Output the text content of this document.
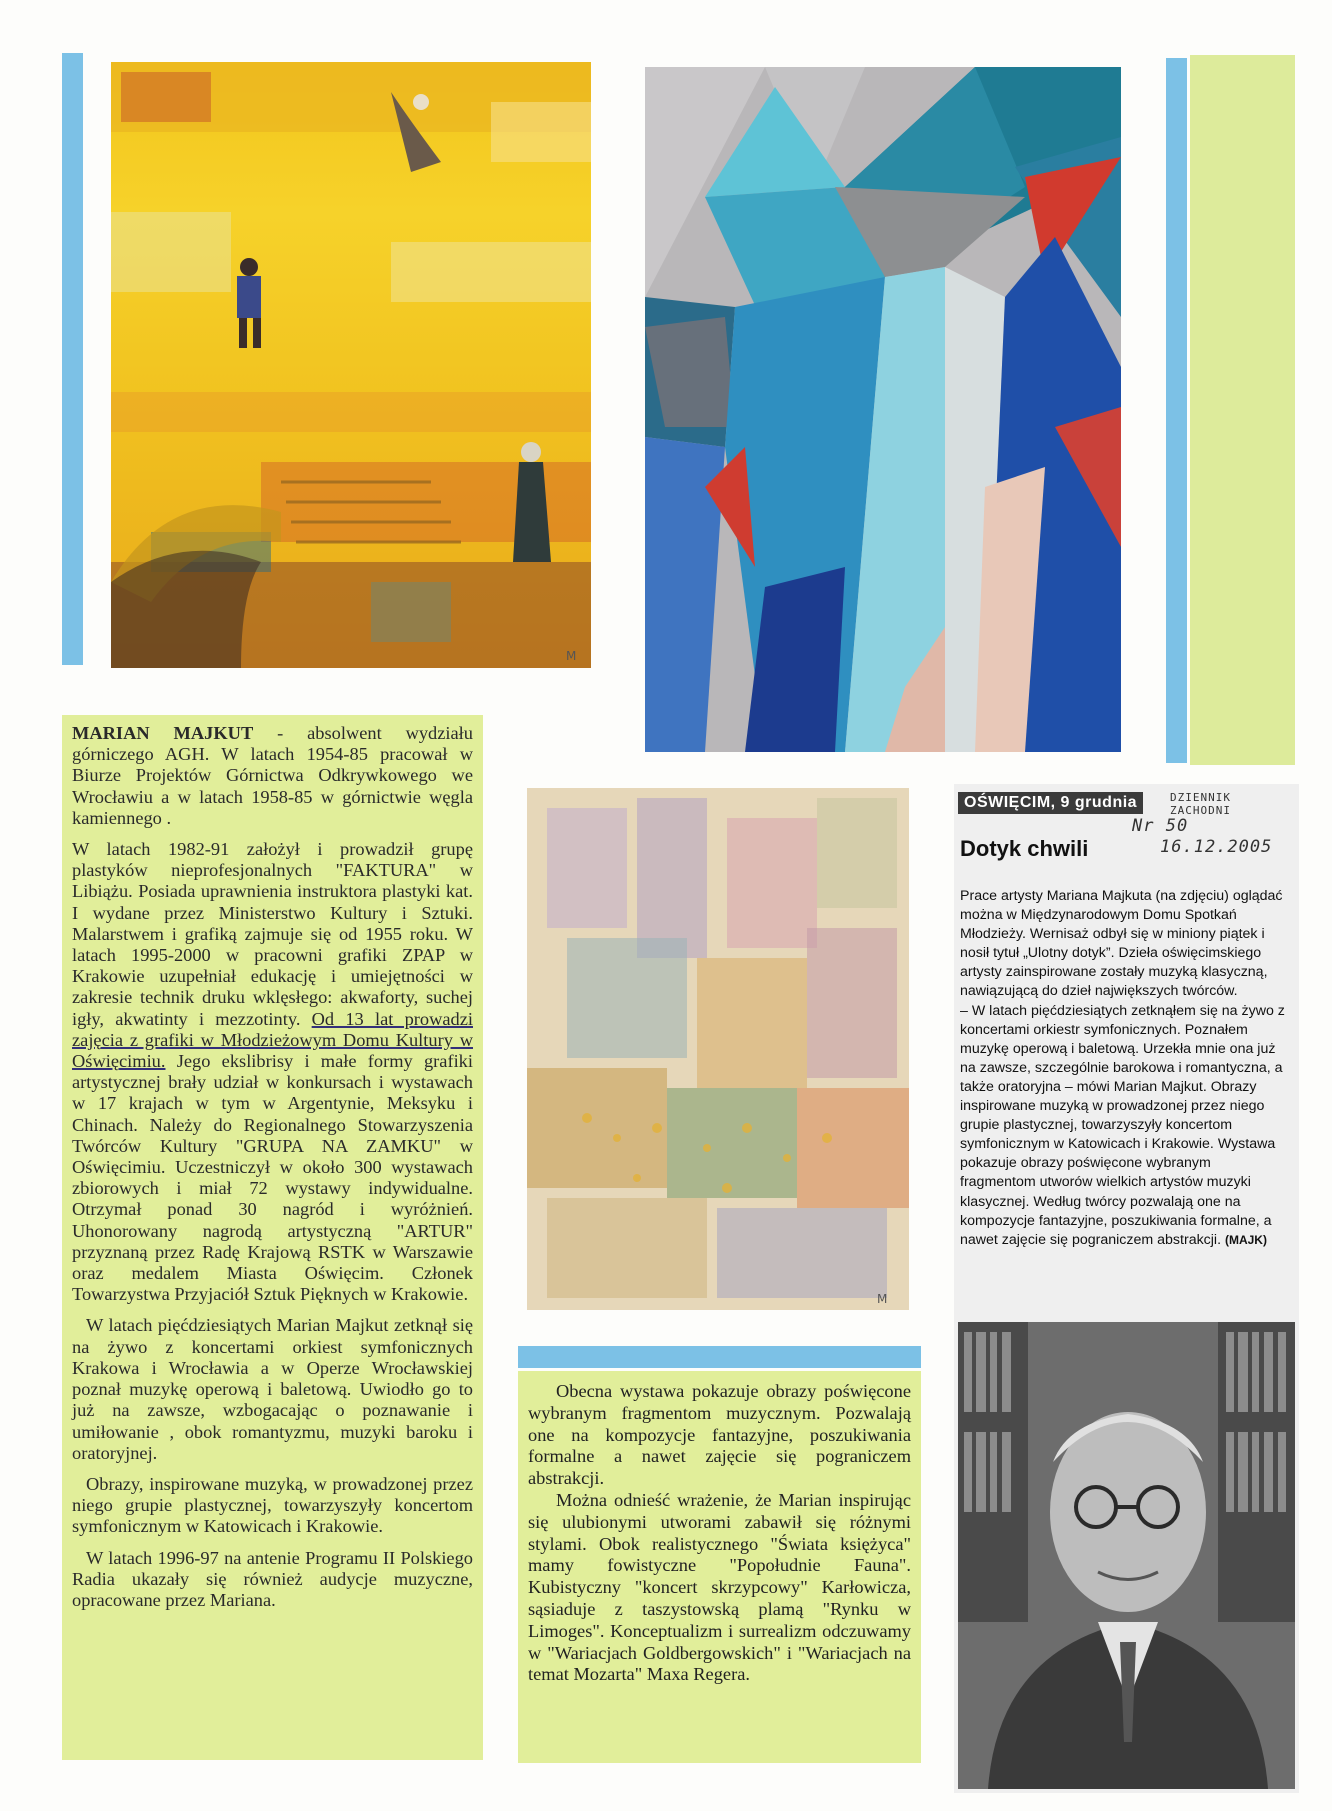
M
M

MARIAN MAJKUT - absolwent wydziału górniczego AGH. W latach 1954-85 pracował w Biurze Projektów Górnictwa Odkrywkowego we Wrocławiu a w latach 1958-85 w górnictwie węgla kamiennego .

W latach 1982-91 założył i prowadził grupę plastyków nieprofesjonalnych "FAKTURA" w Libiążu. Posiada uprawnienia instruktora plastyki kat. I wydane przez Ministerstwo Kultury i Sztuki. Malarstwem i grafiką zajmuje się od 1955 roku. W latach 1995-2000 w pracowni grafiki ZPAP w Krakowie uzupełniał edukację i umiejętności w zakresie technik druku wklęsłego: akwaforty, suchej igły, akwatinty i mezzotinty. Od 13 lat prowadzi zajęcia z grafiki w Młodzieżowym Domu Kultury w Oświęcimiu. Jego ekslibrisy i małe formy grafiki artystycznej brały udział w konkursach i wystawach w 17 krajach w tym w Argentynie, Meksyku i Chinach. Należy do Regionalnego Stowarzyszenia Twórców Kultury "GRUPA NA ZAMKU" w Oświęcimiu. Uczestniczył w około 300 wystawach zbiorowych i miał 72 wystawy indywidualne. Otrzymał ponad 30 nagród i wyróżnień. Uhonorowany nagrodą artystyczną "ARTUR" przyznaną przez Radę Krajową RSTK w Warszawie oraz medalem Miasta Oświęcim. Członek Towarzystwa Przyjaciół Sztuk Pięknych w Krakowie.

W latach pięćdziesiątych Marian Majkut zetknął się na żywo z koncertami orkiest symfonicznych Krakowa i Wrocławia a w Operze Wrocławskiej poznał muzykę operową i baletową. Uwiodło go to już na zawsze, wzbogacając o poznawanie i umiłowanie , obok romantyzmu, muzyki baroku i oratoryjnej.

Obrazy, inspirowane muzyką, w prowadzonej przez niego grupie plastycznej, towarzyszyły koncertom symfonicznym w Katowicach i Krakowie.

W latach 1996-97 na antenie Programu II Polskiego Radia ukazały się również audycje muzyczne, opracowane przez Mariana.

Obecna wystawa pokazuje obrazy poświęcone wybranym fragmentom muzycznym. Pozwalają one na kompozycje fantazyjne, poszukiwania formalne a nawet zajęcie się pograniczem abstrakcji.

Można odnieść wrażenie, że Marian inspirując się ulubionymi utworami zabawił się różnymi stylami. Obok realistycznego "Świata księżyca" mamy fowistyczne "Popołudnie Fauna". Kubistyczny "koncert skrzypcowy" Karłowicza, sąsiaduje z taszystowską plamą "Rynku w Limoges". Konceptualizm i surrealizm odczuwamy w "Wariacjach Goldbergowskich" i "Wariacjach na temat Mozarta" Maxa Regera.

OŚWIĘCIM, 9 grudnia	DZIENNIK
ZACHODNI
Nr 50
16.12.2005
Dotyk chwili

Prace artysty Mariana Majkuta (na zdjęciu) oglądać można w Międzynarodowym Domu Spotkań Młodzieży. Wernisaż odbył się w miniony piątek i nosił tytuł „Ulotny dotyk”. Dzieła oświęcimskiego artysty zainspirowane zostały muzyką klasyczną, nawiązującą do dzieł największych twórców.

– W latach pięćdziesiątych zetknąłem się na żywo z koncertami orkiestr symfonicznych. Poznałem muzykę operową i baletową. Urzekła mnie ona już na zawsze, szczególnie barokowa i romantyczna, a także oratoryjna – mówi Marian Majkut. Obrazy inspirowane muzyką w prowadzonej przez niego grupie plastycznej, towarzyszyły koncertom symfonicznym w Katowicach i Krakowie. Wystawa pokazuje obrazy poświęcone wybranym fragmentom utworów wielkich artystów muzyki klasycznej. Według twórcy pozwalają one na kompozycje fantazyjne, poszukiwania formalne, a nawet zajęcie się pograniczem abstrakcji. (MAJK)
